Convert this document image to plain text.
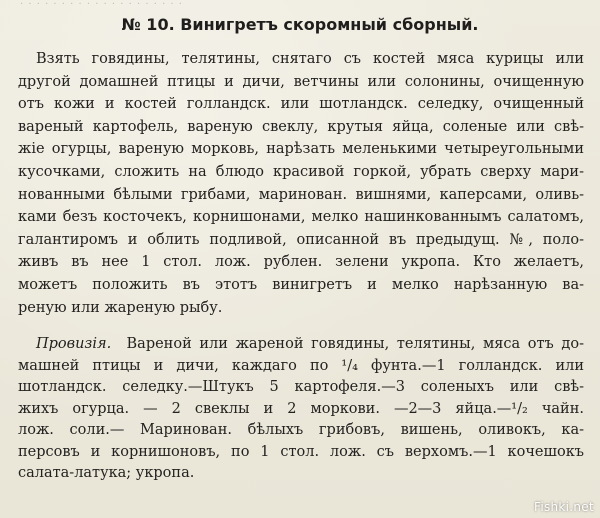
· · · · · · · · · · · · · · · · · · · ·
№ 10. Винигретъ скоромный сборный.
Взять говядины, телятины, снятаго съ костей мяса курицы или
другой домашней птицы и дичи, ветчины или солонины, очищенную
отъ кожи и костей голландск. или шотландск. селедку, очищенный
вареный картофель, вареную свеклу, крутыя яйца, соленые или свѣ-
жіе огурцы, вареную морковь, нарѣзать меленькими четыреугольными
кусочками, сложить на блюдо красивой горкой, убрать сверху мари-
нованными бѣлыми грибами, маринован. вишнями, каперсами, оливь-
ками безъ косточекъ, корнишонами, мелко нашинкованнымъ салатомъ,
галантиромъ и облить подливой, описанной въ предыдущ. №, поло-
живъ въ нее 1 стол. лож. рублен. зелени укропа. Кто желаетъ,
можетъ положить въ этотъ винигретъ и мелко нарѣзанную ва-
реную или жареную рыбу.
Провизія. Вареной или жареной говядины, телятины, мяса отъ до-
машней птицы и дичи, каждаго по ¹/₄ фунта.—1 голландск. или
шотландск. селедку.—Штукъ 5 картофеля.—3 соленыхъ или свѣ-
жихъ огурца. — 2 свеклы и 2 моркови. —2—3 яйца.—¹/₂ чайн.
лож. соли.— Маринован. бѣлыхъ грибовъ, вишень, оливокъ, ка-
персовъ и корнишоновъ, по 1 стол. лож. съ верхомъ.—1 кочешокъ
салата-латука; укропа.
Fishki.net
